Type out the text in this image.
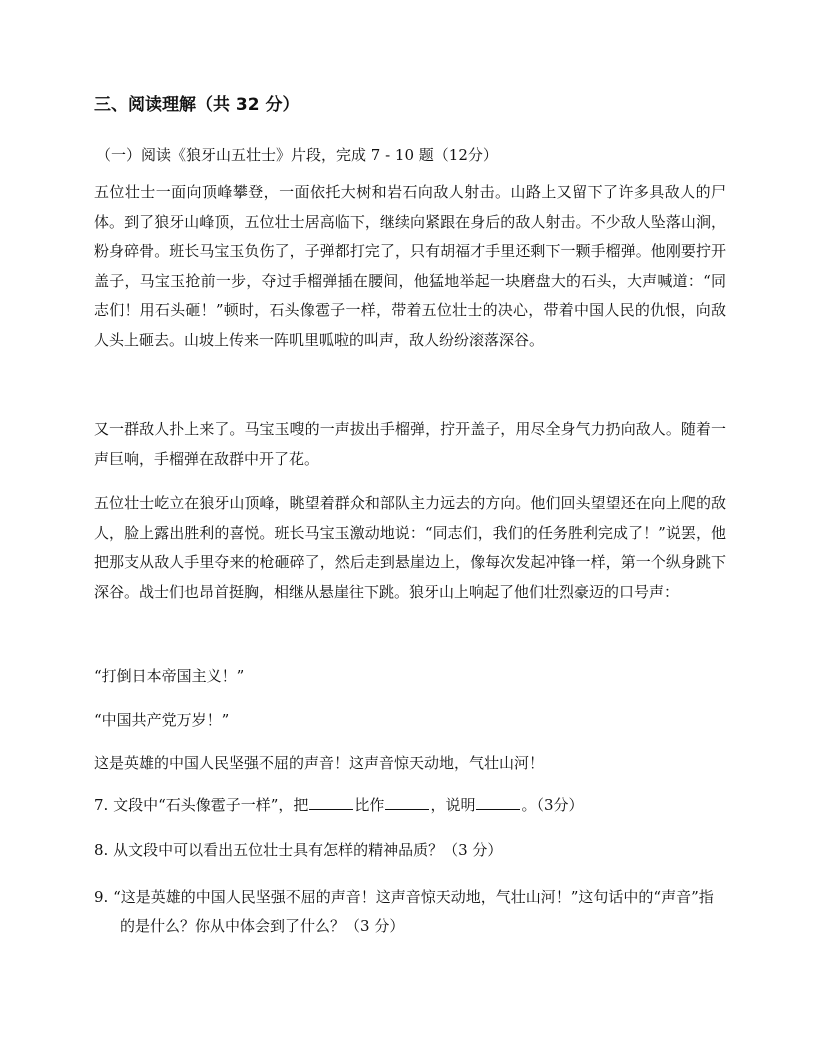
三、阅读理解（共 32 分）
（一）阅读《狼牙山五壮士》片段，完成 7 - 10 题（12分）

五位壮士一面向顶峰攀登，一面依托大树和岩石向敌人射击。山路上又留下了许多具敌人的尸体。到了狼牙山峰顶，五位壮士居高临下，继续向紧跟在身后的敌人射击。不少敌人坠落山涧，粉身碎骨。班长马宝玉负伤了，子弹都打完了，只有胡福才手里还剩下一颗手榴弹。他刚要拧开盖子，马宝玉抢前一步，夺过手榴弹插在腰间，他猛地举起一块磨盘大的石头，大声喊道：“同志们！用石头砸！”顿时，石头像雹子一样，带着五位壮士的决心，带着中国人民的仇恨，向敌人头上砸去。山坡上传来一阵叽里呱啦的叫声，敌人纷纷滚落深谷。

又一群敌人扑上来了。马宝玉嗖的一声拔出手榴弹，拧开盖子，用尽全身气力扔向敌人。随着一声巨响，手榴弹在敌群中开了花。

五位壮士屹立在狼牙山顶峰，眺望着群众和部队主力远去的方向。他们回头望望还在向上爬的敌人，脸上露出胜利的喜悦。班长马宝玉激动地说：“同志们，我们的任务胜利完成了！”说罢，他把那支从敌人手里夺来的枪砸碎了，然后走到悬崖边上，像每次发起冲锋一样，第一个纵身跳下深谷。战士们也昂首挺胸，相继从悬崖往下跳。狼牙山上响起了他们壮烈豪迈的口号声：

“打倒日本帝国主义！”
“中国共产党万岁！”
这是英雄的中国人民坚强不屈的声音！这声音惊天动地，气壮山河！
7. 文段中“石头像雹子一样”，把	比作	，说明	。（3分）
8. 从文段中可以看出五位壮士具有怎样的精神品质？（3 分）
9. “这是英雄的中国人民坚强不屈的声音！这声音惊天动地，气壮山河！”这句话中的“声音”指的是什么？你从中体会到了什么？（3 分）
